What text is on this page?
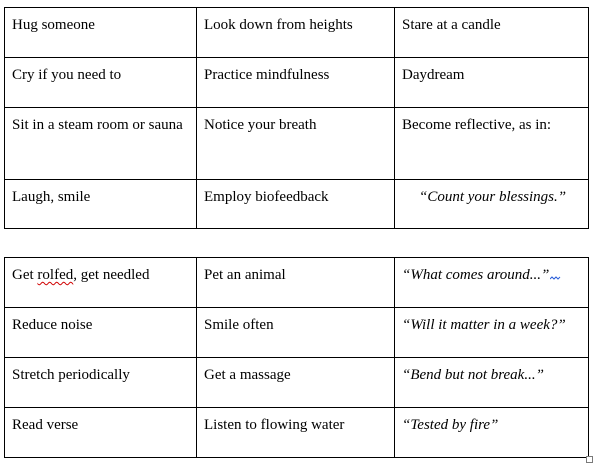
Hug someone	Look down from heights	Stare at a candle

Cry if you need to	Practice mindfulness	Daydream

Sit in a steam room or sauna	Notice your breath	Become reflective, as in:

Laugh, smile	Employ biofeedback	“Count your blessings.”
Get rolfed, get needled	Pet an animal	“What comes around...”

Reduce noise	Smile often	“Will it matter in a week?”

Stretch periodically	Get a massage	“Bend but not break...”

Read verse	Listen to flowing water	“Tested by fire”
